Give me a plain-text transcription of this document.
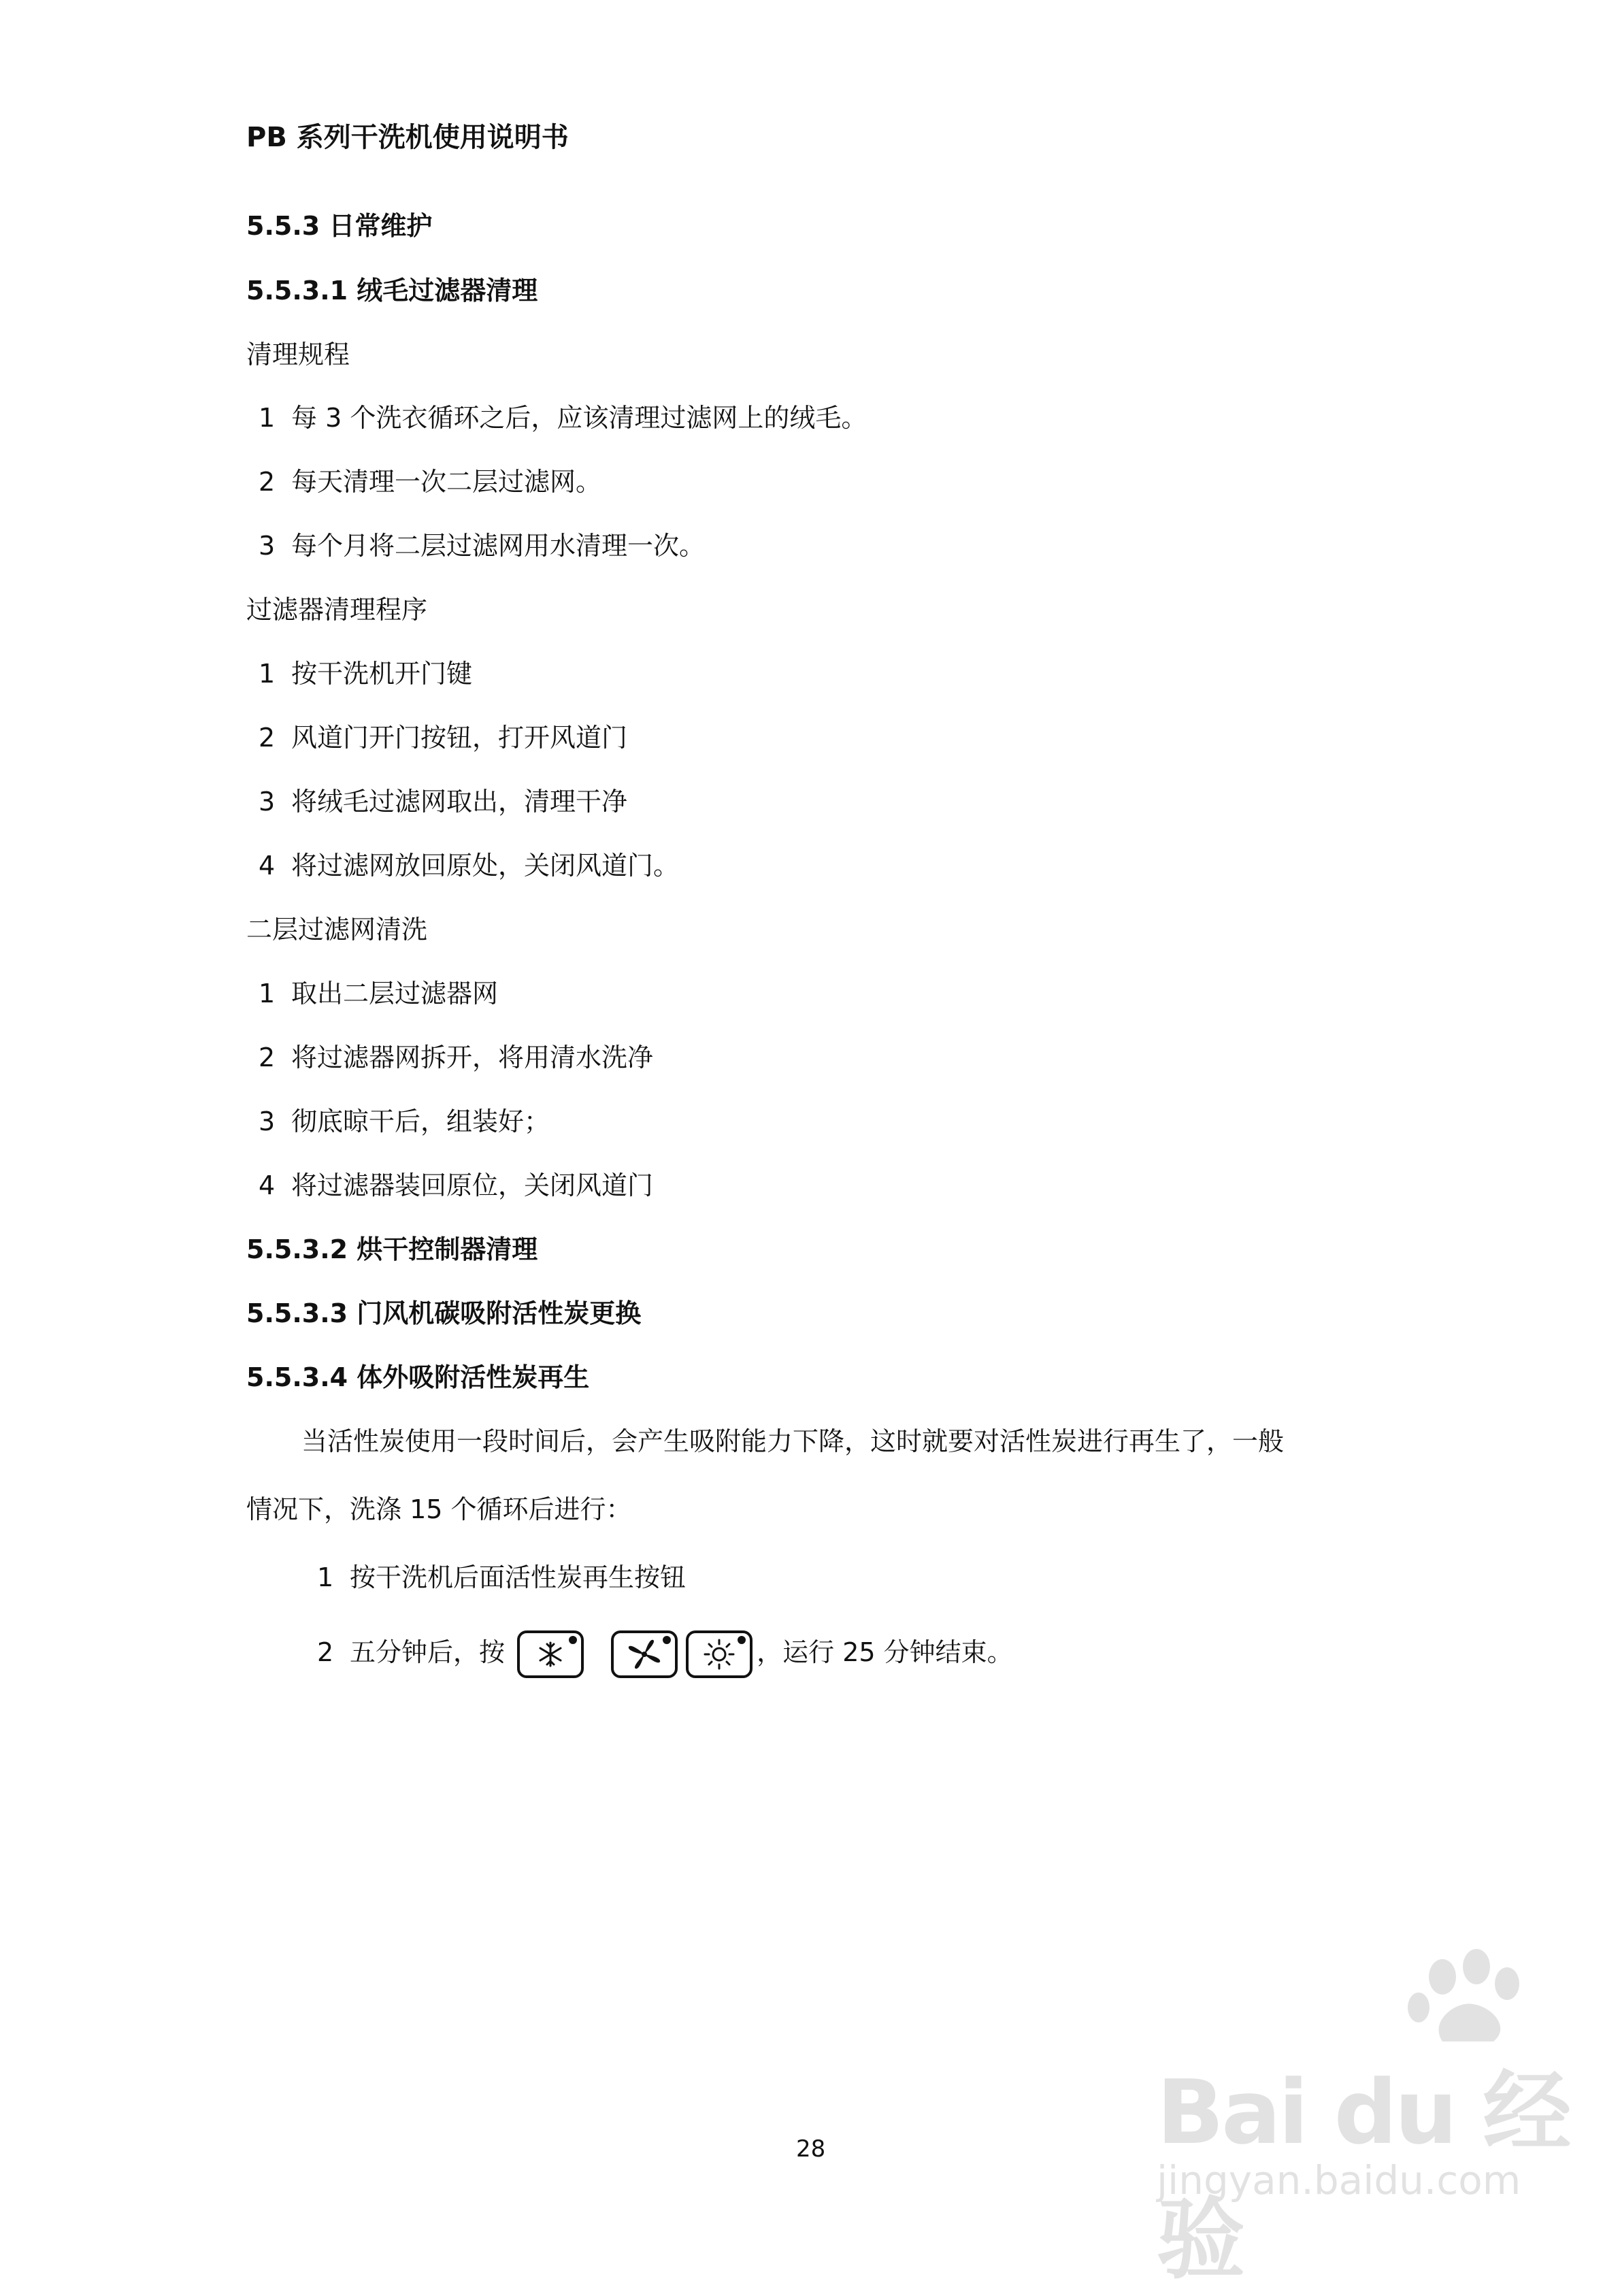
PB 系列干洗机使用说明书
5.5.3 日常维护
5.5.3.1 绒毛过滤器清理
清理规程
1 每 3 个洗衣循环之后，应该清理过滤网上的绒毛。
2 每天清理一次二层过滤网。
3 每个月将二层过滤网用水清理一次。
过滤器清理程序
1 按干洗机开门键
2 风道门开门按钮，打开风道门
3 将绒毛过滤网取出，清理干净
4 将过滤网放回原处，关闭风道门。
二层过滤网清洗
1 取出二层过滤器网
2 将过滤器网拆开，将用清水洗净
3 彻底晾干后，组装好；
4 将过滤器装回原位，关闭风道门
5.5.3.2 烘干控制器清理
5.5.3.3 门风机碳吸附活性炭更换
5.5.3.4 体外吸附活性炭再生
当活性炭使用一段时间后，会产生吸附能力下降，这时就要对活性炭进行再生了，一般
情况下，洗涤 15 个循环后进行：
1 按干洗机后面活性炭再生按钮
2 五分钟后，按	，运行 25 分钟结束。
28	Bai du 经验
jingyan.baidu.com
